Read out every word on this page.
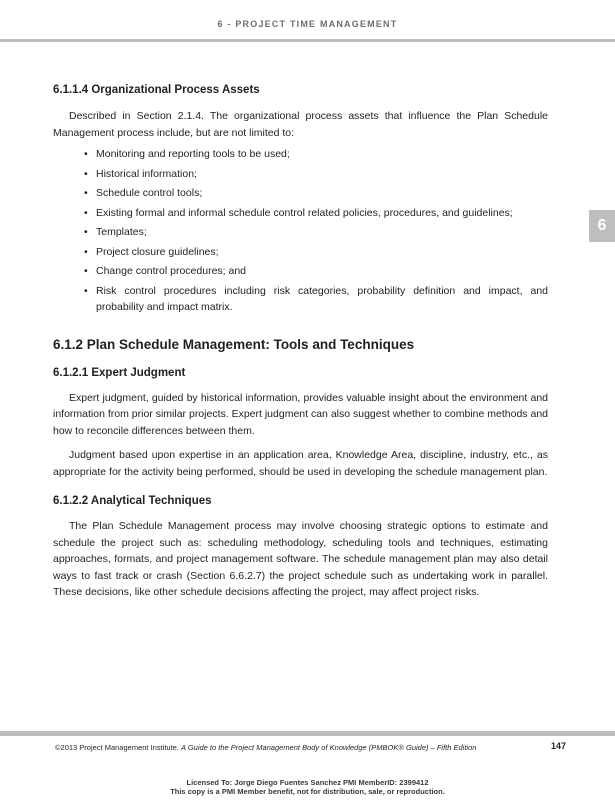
6 - PROJECT TIME MANAGEMENT
6
6.1.1.4 Organizational Process Assets

Described in Section 2.1.4. The organizational process assets that influence the Plan Schedule Management process include, but are not limited to:

• Monitoring and reporting tools to be used;
• Historical information;
• Schedule control tools;
• Existing formal and informal schedule control related policies, procedures, and guidelines;
• Templates;
• Project closure guidelines;
• Change control procedures; and
• Risk control procedures including risk categories, probability definition and impact, and probability and impact matrix.
6.1.2 Plan Schedule Management: Tools and Techniques
6.1.2.1 Expert Judgment

Expert judgment, guided by historical information, provides valuable insight about the environment and information from prior similar projects. Expert judgment can also suggest whether to combine methods and how to reconcile differences between them.

Judgment based upon expertise in an application area, Knowledge Area, discipline, industry, etc., as appropriate for the activity being performed, should be used in developing the schedule management plan.

6.1.2.2 Analytical Techniques

The Plan Schedule Management process may involve choosing strategic options to estimate and schedule the project such as: scheduling methodology, scheduling tools and techniques, estimating approaches, formats, and project management software. The schedule management plan may also detail ways to fast track or crash (Section 6.6.2.7) the project schedule such as undertaking work in parallel. These decisions, like other schedule decisions affecting the project, may affect project risks.

©2013 Project Management Institute. A Guide to the Project Management Body of Knowledge (PMBOK® Guide) – Fifth Edition	147
Licensed To: Jorge Diego Fuentes Sanchez PMI MemberID: 2399412
This copy is a PMI Member benefit, not for distribution, sale, or reproduction.
